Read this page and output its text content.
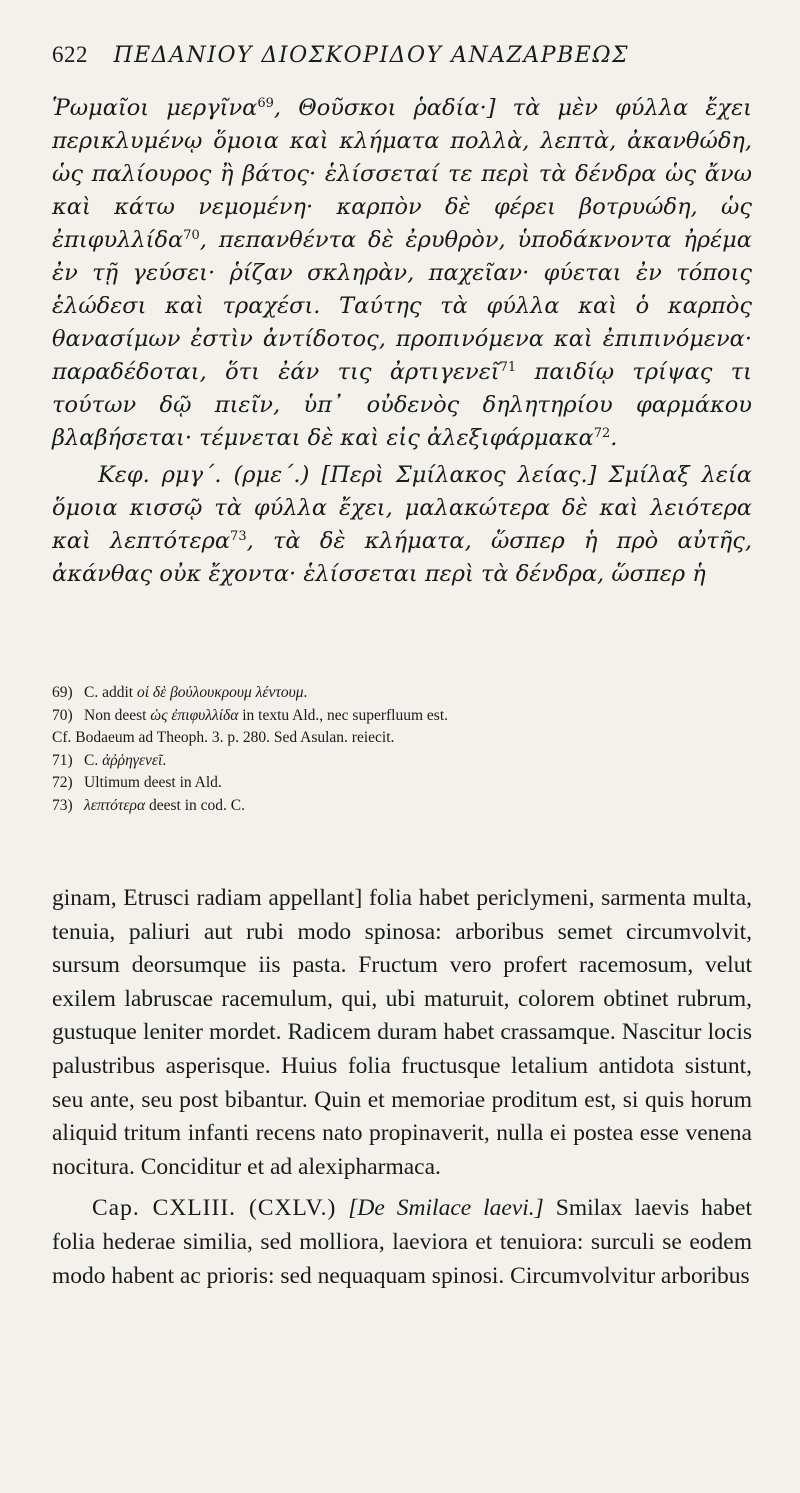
622 ΠΕΔΑΝΙΟΥ ΔΙΟΣΚΟΡΙΔΟΥ ΑΝΑΖΑΡΒΕΩΣ

Ῥωμαῖοι μεργῖνα$^{69}$, Θοῦσκοι ῥαδία·] τὰ μὲν φύλλα ἔχει περικλυμένῳ ὅμοια καὶ κλήματα πολλὰ, λεπτὰ, ἀκανθώδη, ὡς παλίουρος ἢ βάτος· ἑλίσσεταί τε περὶ τὰ δένδρα ὡς ἄνω καὶ κάτω νεμομένη· καρπὸν δὲ φέρει βοτρυώδη, ὡς ἐπιφυλλίδα$^{70}$, πεπανθέντα δὲ ἐρυθρὸν, ὑποδάκνοντα ἠρέμα ἐν τῇ γεύσει· ῥίζαν σκληρὰν, παχεῖαν· φύεται ἐν τόποις ἑλώδεσι καὶ τραχέσι. Ταύτης τὰ φύλλα καὶ ὁ καρπὸς θανασίμων ἐστὶν ἀντίδοτος, προπινόμενα καὶ ἐπιπινόμενα· παραδέδοται, ὅτι ἐάν τις ἀρτιγενεῖ$^{71}$ παιδίῳ τρίψας τι τούτων δῷ πιεῖν, ὑπ᾿ οὐδενὸς δηλητηρίου φαρμάκου βλαβήσεται· τέμνεται δὲ καὶ εἰς ἀλεξιφάρμακα$^{72}$.

Κεφ. ρμγ΄. (ρμε΄.) [Περὶ Σμίλακος λείας.] Σμίλαξ λεία ὅμοια κισσῷ τὰ φύλλα ἔχει, μαλακώτερα δὲ καὶ λειότερα καὶ λεπτότερα$^{73}$, τὰ δὲ κλήματα, ὥσπερ ἡ πρὸ αὐτῆς, ἀκάνθας οὐκ ἔχοντα· ἑλίσσεται περὶ τὰ δένδρα, ὥσπερ ἡ

69) C. addit οἱ δὲ βούλουκρουμ λέντουμ.

70) Non deest ὡς ἐπιφυλλίδα in textu Ald., nec superfluum est.

Cf. Bodaeum ad Theoph. 3. p. 280. Sed Asulan. reiecit.

71) C. ἀῤῥηγενεῖ.

72) Ultimum deest in Ald.

73) λεπτότερα deest in cod. C.

ginam, Etrusci radiam appellant] folia habet periclymeni, sarmenta multa, tenuia, paliuri aut rubi modo spinosa: arboribus semet circumvolvit, sursum deorsumque iis pasta. Fructum vero profert racemosum, velut exilem labruscae racemulum, qui, ubi maturuit, colorem obtinet rubrum, gustuque leniter mordet. Radicem duram habet crassamque. Nascitur locis palustribus asperisque. Huius folia fructusque letalium antidota sistunt, seu ante, seu post bibantur. Quin et memoriae proditum est, si quis horum aliquid tritum infanti recens nato propinaverit, nulla ei postea esse venena nocitura. Conciditur et ad alexipharmaca.

Cap. CXLIII. (CXLV.) [De Smilace laevi.] Smilax laevis habet folia hederae similia, sed molliora, laeviora et tenuiora: surculi se eodem modo habent ac prioris: sed nequaquam spinosi. Circumvolvitur arboribus
